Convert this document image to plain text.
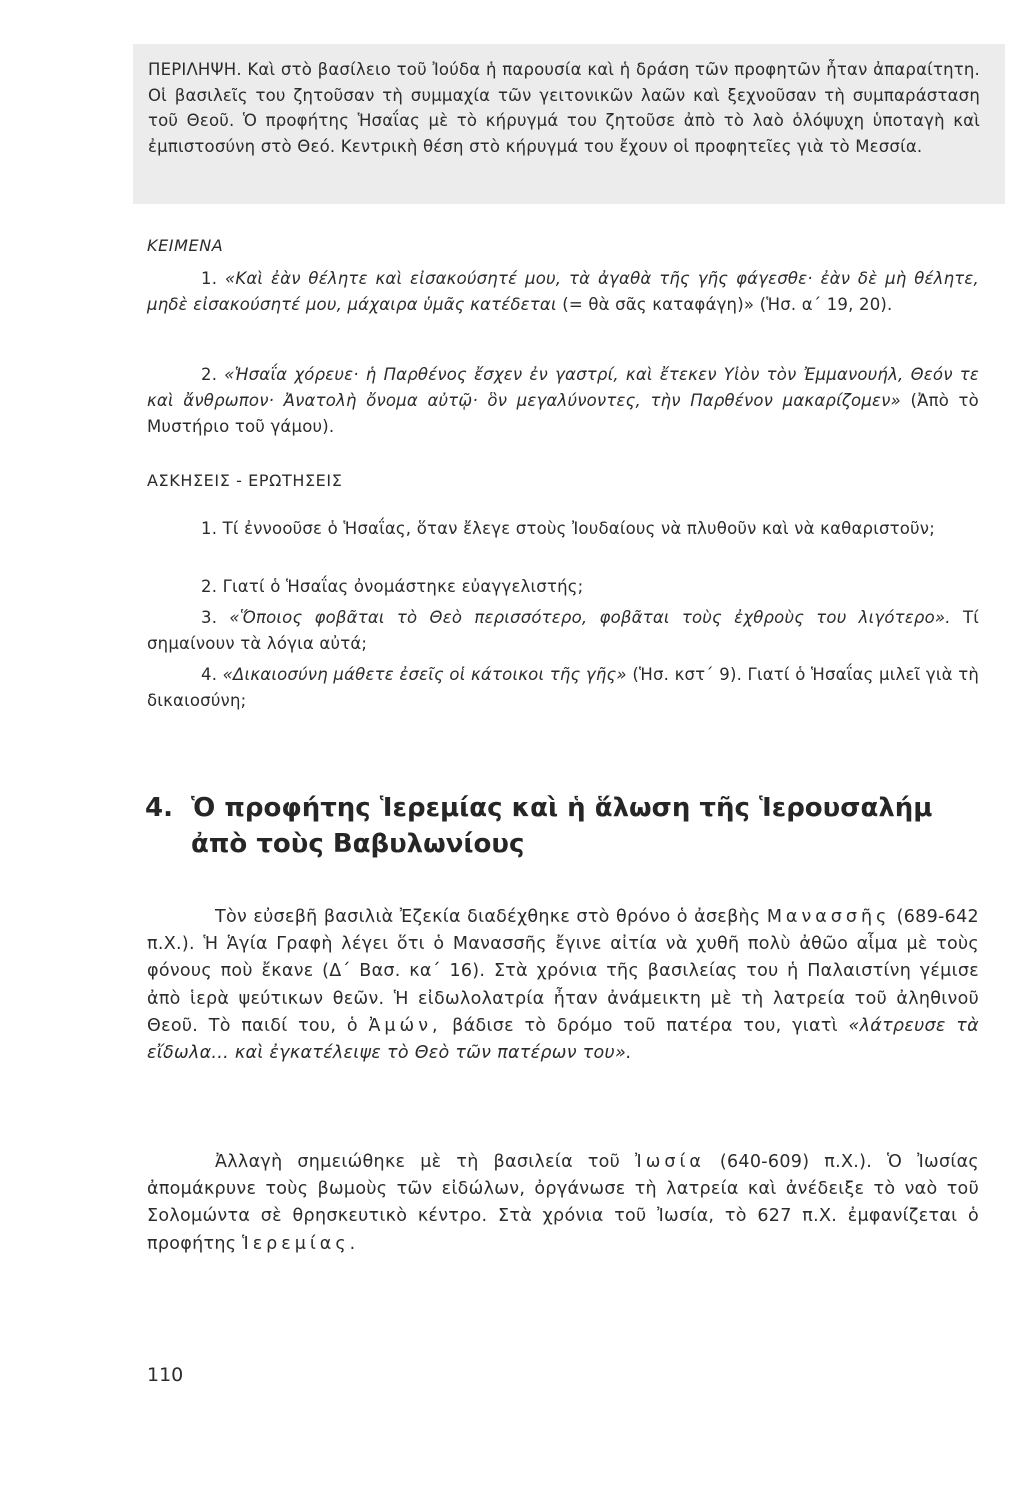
ΠΕΡΙΛΗΨΗ. Καὶ στὸ βασίλειο τοῦ Ἰούδα ἡ παρουσία καὶ ἡ δράση τῶν προφητῶν ἦταν ἀπαραίτητη. Οἱ βασιλεῖς του ζητοῦσαν τὴ συμμαχία τῶν γειτονικῶν λαῶν καὶ ξεχνοῦσαν τὴ συμπαράσταση τοῦ Θεοῦ. Ὁ προφήτης Ἡσαΐας μὲ τὸ κήρυγμά του ζητοῦσε ἀπὸ τὸ λαὸ ὁλόψυχη ὑποταγὴ καὶ ἐμπιστοσύνη στὸ Θεό. Κεντρικὴ θέση στὸ κήρυγμά του ἔχουν οἱ προφητεῖες γιὰ τὸ Μεσσία.

ΚΕΙΜΕΝΑ

1. «Καὶ ἐὰν θέλητε καὶ εἰσακούσητέ μου, τὰ ἀγαθὰ τῆς γῆς φάγεσθε· ἐὰν δὲ μὴ θέλητε, μηδὲ εἰσακούσητέ μου, μάχαιρα ὑμᾶς κατέδεται (= θὰ σᾶς καταφάγη)» (Ἡσ. α΄ 19, 20).

2. «Ἡσαΐα χόρευε· ἡ Παρθένος ἔσχεν ἐν γαστρί, καὶ ἔτεκεν Υἱὸν τὸν Ἐμμανουήλ, Θεόν τε καὶ ἄνθρωπον· Ἀνατολὴ ὄνομα αὐτῷ· ὃν μεγαλύνοντες, τὴν Παρθένον μακαρίζομεν» (Ἀπὸ τὸ Μυστήριο τοῦ γάμου).

ΑΣΚΗΣΕΙΣ - ΕΡΩΤΗΣΕΙΣ

1. Τί ἐννοοῦσε ὁ Ἡσαΐας, ὅταν ἔλεγε στοὺς Ἰουδαίους νὰ πλυθοῦν καὶ νὰ καθαριστοῦν;

2. Γιατί ὁ Ἡσαΐας ὀνομάστηκε εὐαγγελιστής;

3. «Ὅποιος φοβᾶται τὸ Θεὸ περισσότερο, φοβᾶται τοὺς ἐχθροὺς του λιγότερο». Τί σημαίνουν τὰ λόγια αὐτά;

4. «Δικαιοσύνη μάθετε ἐσεῖς οἱ κάτοικοι τῆς γῆς» (Ἡσ. κστ΄ 9). Γιατί ὁ Ἡσαΐας μιλεῖ γιὰ τὴ δικαιοσύνη;

4. Ὁ προφήτης Ἱερεμίας καὶ ἡ ἅλωση τῆς Ἱερουσαλήμ
ἀπὸ τοὺς Βαβυλωνίους

Τὸν εὐσεβῆ βασιλιὰ Ἐζεκία διαδέχθηκε στὸ θρόνο ὁ ἀσεβὴς Μανασσῆς (689-642 π.Χ.). Ἡ Ἁγία Γραφὴ λέγει ὅτι ὁ Μανασσῆς ἔγινε αἰτία νὰ χυθῆ πολὺ ἀθῶο αἷμα μὲ τοὺς φόνους ποὺ ἔκανε (Δ΄ Βασ. κα΄ 16). Στὰ χρόνια τῆς βασιλείας του ἡ Παλαιστίνη γέμισε ἀπὸ ἱερὰ ψεύτικων θεῶν. Ἡ εἰδωλολατρία ἦταν ἀνάμεικτη μὲ τὴ λατρεία τοῦ ἀληθινοῦ Θεοῦ. Τὸ παιδί του, ὁ Ἀμών, βάδισε τὸ δρόμο τοῦ πατέρα του, γιατὶ «λάτρευσε τὰ εἴδωλα... καὶ ἐγκατέλειψε τὸ Θεὸ τῶν πατέρων του».

Ἀλλαγὴ σημειώθηκε μὲ τὴ βασιλεία τοῦ Ἰωσία (640-609) π.Χ.). Ὁ Ἰωσίας ἀπομάκρυνε τοὺς βωμοὺς τῶν εἰδώλων, ὀργάνωσε τὴ λατρεία καὶ ἀνέδειξε τὸ ναὸ τοῦ Σολομώντα σὲ θρησκευτικὸ κέντρο. Στὰ χρόνια τοῦ Ἰωσία, τὸ 627 π.Χ. ἐμφανίζεται ὁ προφήτης Ἱερεμίας.

110
